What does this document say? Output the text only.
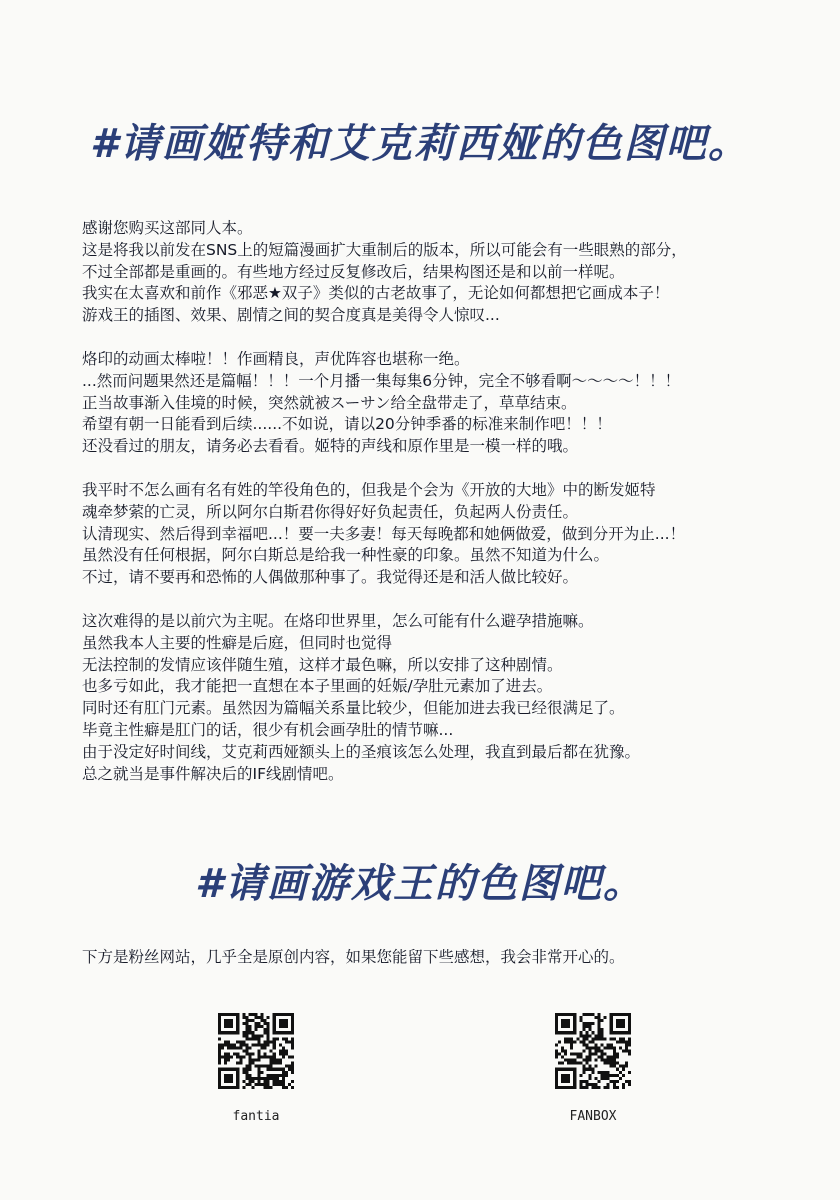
#请画姬特和艾克莉西娅的色图吧。
感谢您购买这部同人本。
这是将我以前发在SNS上的短篇漫画扩大重制后的版本，所以可能会有一些眼熟的部分，
不过全部都是重画的。有些地方经过反复修改后，结果构图还是和以前一样呢。
我实在太喜欢和前作《邪恶★双子》类似的古老故事了，无论如何都想把它画成本子！
游戏王的插图、效果、剧情之间的契合度真是美得令人惊叹...
烙印的动画太棒啦！！作画精良，声优阵容也堪称一绝。
...然而问题果然还是篇幅！！！一个月播一集每集6分钟，完全不够看啊～～～～！！！
正当故事渐入佳境的时候，突然就被スーサン给全盘带走了，草草结束。
希望有朝一日能看到后续......不如说，请以20分钟季番的标准来制作吧！！！
还没看过的朋友，请务必去看看。姬特的声线和原作里是一模一样的哦。
我平时不怎么画有名有姓的竿役角色的，但我是个会为《开放的大地》中的断发姬特
魂牵梦萦的亡灵，所以阿尔白斯君你得好好负起责任，负起两人份责任。
认清现实、然后得到幸福吧...！要一夫多妻！每天每晚都和她俩做爱，做到分开为止...！
虽然没有任何根据，阿尔白斯总是给我一种性豪的印象。虽然不知道为什么。
不过，请不要再和恐怖的人偶做那种事了。我觉得还是和活人做比较好。
这次难得的是以前穴为主呢。在烙印世界里，怎么可能有什么避孕措施嘛。
虽然我本人主要的性癖是后庭，但同时也觉得
无法控制的发情应该伴随生殖，这样才最色嘛，所以安排了这种剧情。
也多亏如此，我才能把一直想在本子里画的妊娠/孕肚元素加了进去。
同时还有肛门元素。虽然因为篇幅关系量比较少，但能加进去我已经很满足了。
毕竟主性癖是肛门的话，很少有机会画孕肚的情节嘛...
由于没定好时间线，艾克莉西娅额头上的圣痕该怎么处理，我直到最后都在犹豫。
总之就当是事件解决后的IF线剧情吧。
#请画游戏王的色图吧。
下方是粉丝网站，几乎全是原创内容，如果您能留下些感想，我会非常开心的。
fantia	FANBOX
